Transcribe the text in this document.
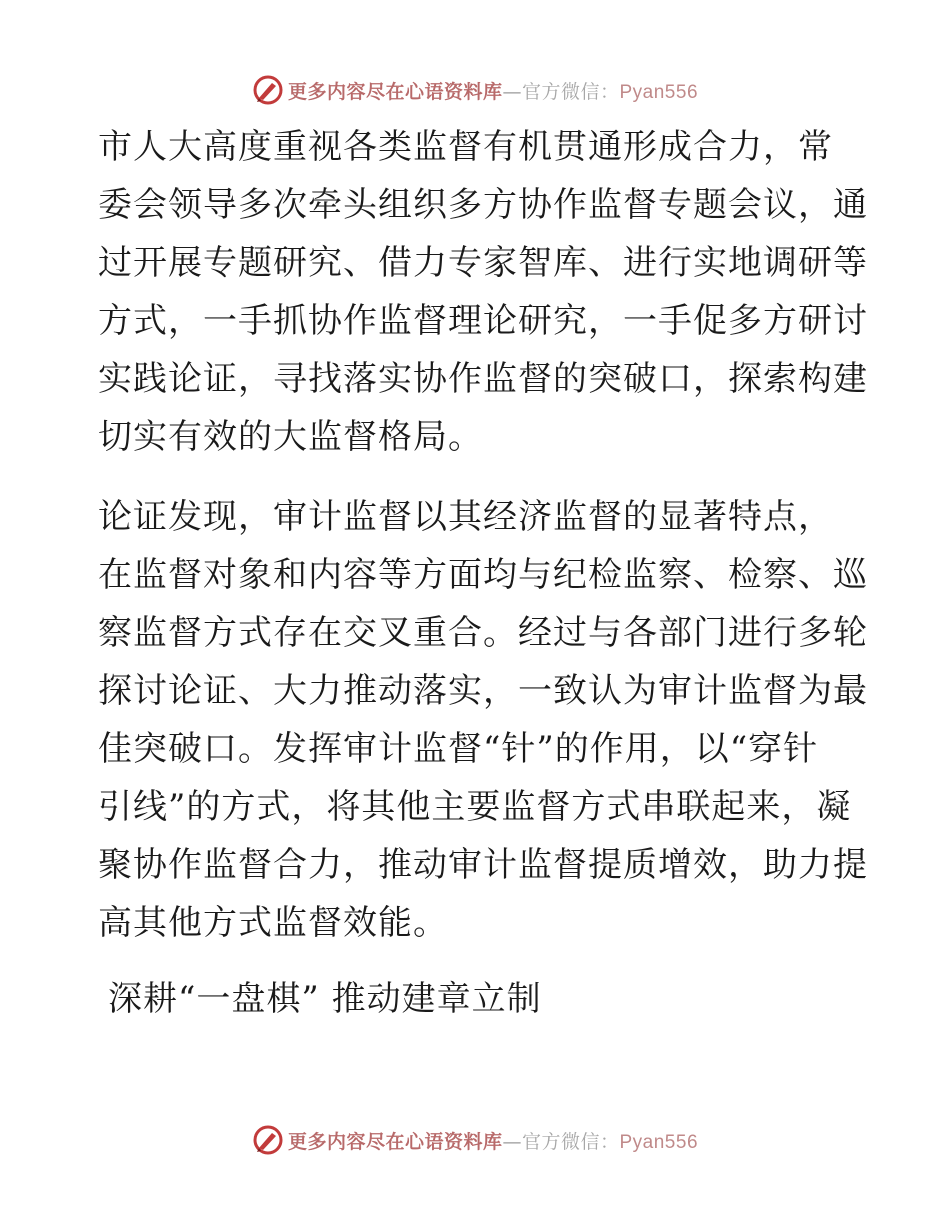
更多内容尽在心语资料库—官方微信：Pyan556

市人大高度重视各类监督有机贯通形成合力，常
委会领导多次牵头组织多方协作监督专题会议，通
过开展专题研究、借力专家智库、进行实地调研等
方式，一手抓协作监督理论研究，一手促多方研讨
实践论证，寻找落实协作监督的突破口，探索构建
切实有效的大监督格局。

论证发现，审计监督以其经济监督的显著特点，
在监督对象和内容等方面均与纪检监察、检察、巡
察监督方式存在交叉重合。经过与各部门进行多轮
探讨论证、大力推动落实，一致认为审计监督为最
佳突破口。发挥审计监督“针”的作用，以“穿针
引线”的方式，将其他主要监督方式串联起来，凝
聚协作监督合力，推动审计监督提质增效，助力提
高其他方式监督效能。

深耕“一盘棋” 推动建章立制

更多内容尽在心语资料库—官方微信：Pyan556
